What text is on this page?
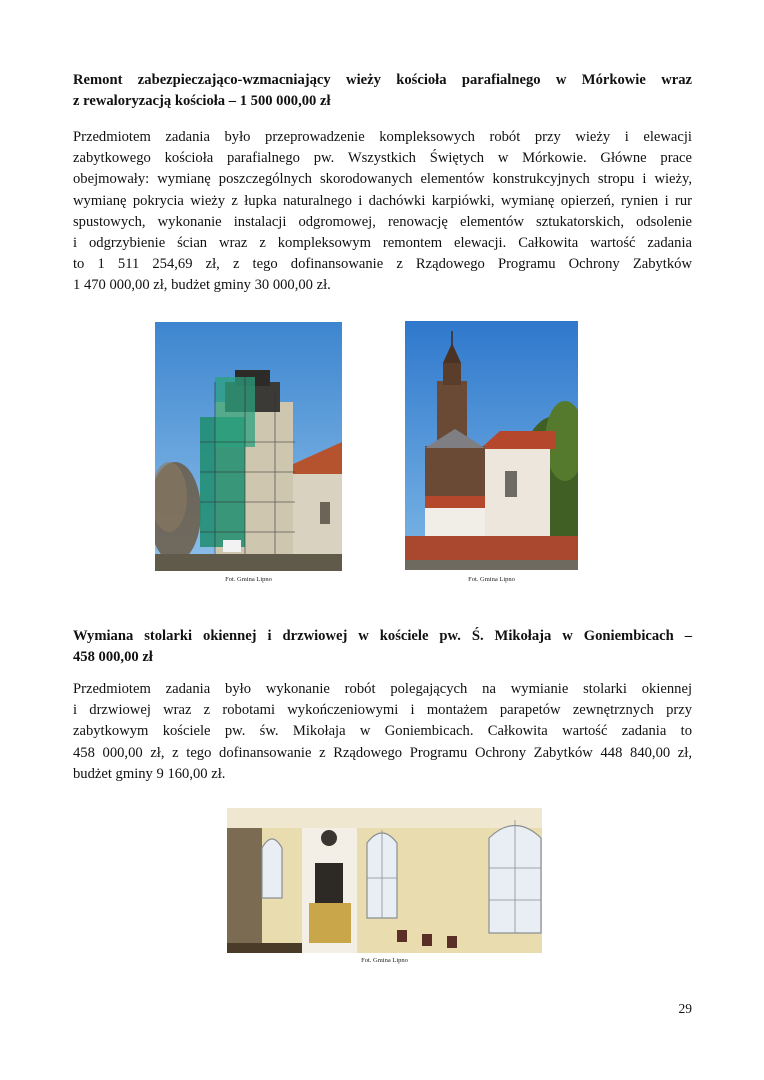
Remont zabezpieczająco-wzmacniający wieży kościoła parafialnego w Mórkowie wraz
z rewaloryzacją kościoła – 1 500 000,00 zł
Przedmiotem zadania było przeprowadzenie kompleksowych robót przy wieży i elewacji
zabytkowego kościoła parafialnego pw. Wszystkich Świętych w Mórkowie. Główne prace
obejmowały: wymianę poszczególnych skorodowanych elementów konstrukcyjnych stropu i wieży,
wymianę pokrycia wieży z łupka naturalnego i dachówki karpiówki, wymianę opierzeń, rynien i rur
spustowych, wykonanie instalacji odgromowej, renowację elementów sztukatorskich, odsolenie
i odgrzybienie ścian wraz z kompleksowym remontem elewacji. Całkowita wartość zadania
to 1 511 254,69 zł, z tego dofinansowanie z Rządowego Programu Ochrony Zabytków
1 470 000,00 zł, budżet gminy 30 000,00 zł.
Fot. Gmina Lipno	Fot. Gmina Lipno
Wymiana stolarki okiennej i drzwiowej w kościele pw. Ś. Mikołaja w Goniembicach –
458 000,00 zł
Przedmiotem zadania było wykonanie robót polegających na wymianie stolarki okiennej
i drzwiowej wraz z robotami wykończeniowymi i montażem parapetów zewnętrznych przy
zabytkowym kościele pw. św. Mikołaja w Goniembicach. Całkowita wartość zadania to
458 000,00 zł, z tego dofinansowanie z Rządowego Programu Ochrony Zabytków 448 840,00 zł,
budżet gminy 9 160,00 zł.
Fot. Gmina Lipno
29
